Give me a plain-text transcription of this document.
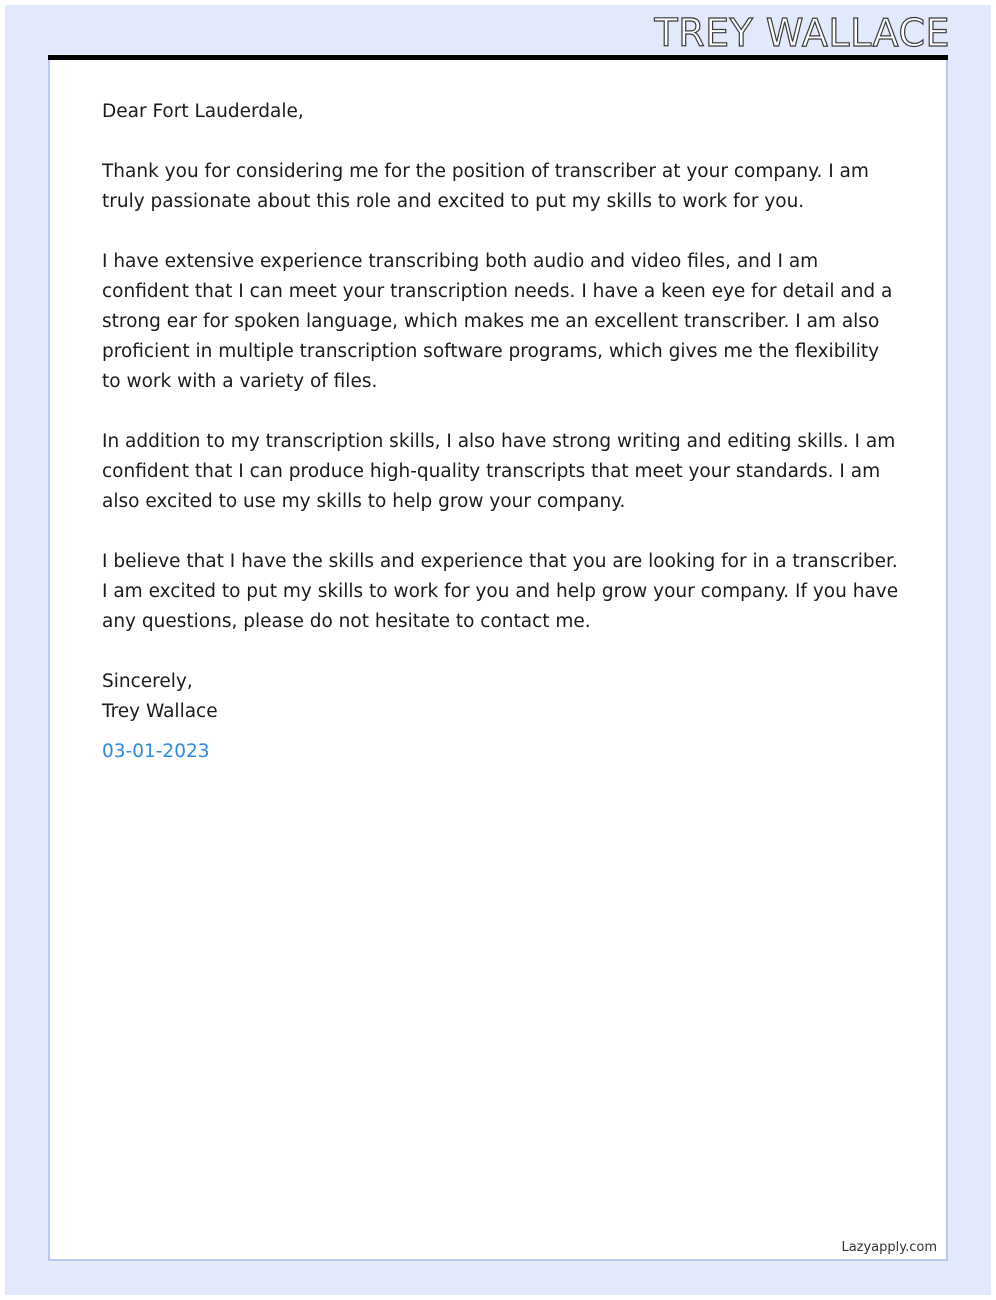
TREY WALLACE

Dear Fort Lauderdale,

Thank you for considering me for the position of transcriber at your company. I am truly passionate about this role and excited to put my skills to work for you.

I have extensive experience transcribing both audio and video files, and I am confident that I can meet your transcription needs. I have a keen eye for detail and a strong ear for spoken language, which makes me an excellent transcriber. I am also proficient in multiple transcription software programs, which gives me the flexibility to work with a variety of files.

In addition to my transcription skills, I also have strong writing and editing skills. I am confident that I can produce high-quality transcripts that meet your standards. I am also excited to use my skills to help grow your company.

I believe that I have the skills and experience that you are looking for in a transcriber. I am excited to put my skills to work for you and help grow your company. If you have any questions, please do not hesitate to contact me.

Sincerely,
Trey Wallace
03-01-2023
Lazyapply.com
